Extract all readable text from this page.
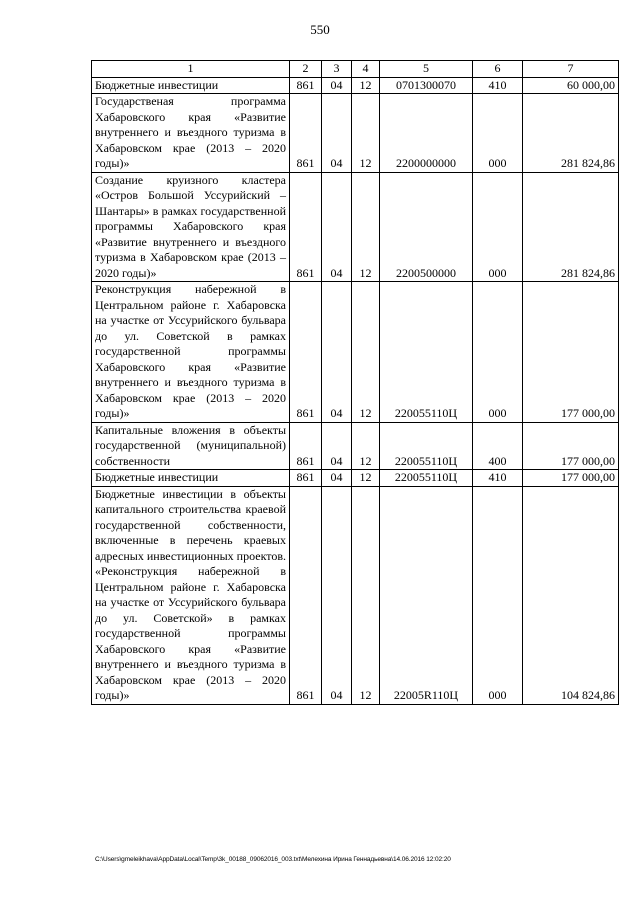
550
1	2	3	4	5	6	7
Бюджетные инвестиции	861	04	12	0701300070	410	60 000,00
Государственая программа Хабаровского края «Развитие внутреннего и въездного туризма в Хабаровском крае (2013 – 2020 годы)»	861	04	12	2200000000	000	281 824,86
Создание круизного кластера «Остров Большой Уссурийский – Шантары» в рамках государственной программы Хабаровского края «Развитие внутреннего и въездного туризма в Хабаровском крае (2013 – 2020 годы)»	861	04	12	2200500000	000	281 824,86
Реконструкция набережной в Центральном районе г. Хабаровска на участке от Уссурийского бульвара до ул. Советской в рамках государственной программы Хабаровского края «Развитие внутреннего и въездного туризма в Хабаровском крае (2013 – 2020 годы)»	861	04	12	220055110Ц	000	177 000,00
Капитальные вложения в объекты государственной (муниципальной) собственности	861	04	12	220055110Ц	400	177 000,00
Бюджетные инвестиции	861	04	12	220055110Ц	410	177 000,00
Бюджетные инвестиции в объекты капитального строительства краевой государственной собственности, включенные в перечень краевых адресных инвестиционных проектов. «Реконструкция набережной в Центральном районе г. Хабаровска на участке от Уссурийского бульвара до ул. Советской» в рамках государственной программы Хабаровского края «Развитие внутреннего и въездного туризма в Хабаровском крае (2013 – 2020 годы)»	861	04	12	22005R110Ц	000	104 824,86
C:\Users\gmeleikhava\AppData\Local\Temp\3k_00188_09062016_003.txt\Мелехина Ирина Геннадьевна\14.06.2016 12:02:20
